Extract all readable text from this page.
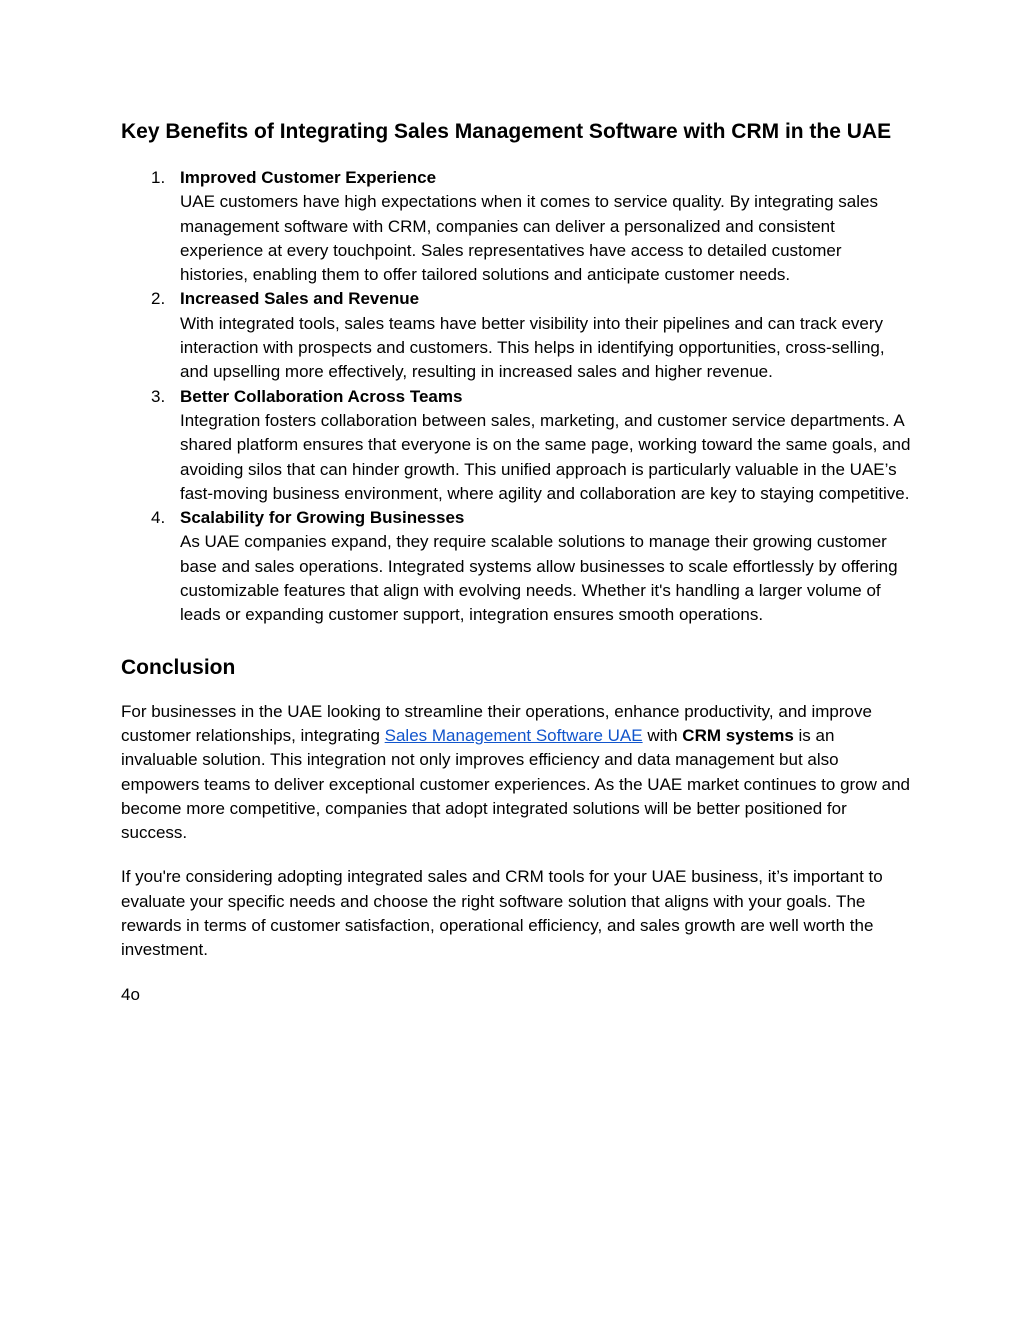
Key Benefits of Integrating Sales Management Software with CRM in the UAE
1. Improved Customer Experience
UAE customers have high expectations when it comes to service quality. By integrating sales management software with CRM, companies can deliver a personalized and consistent experience at every touchpoint. Sales representatives have access to detailed customer histories, enabling them to offer tailored solutions and anticipate customer needs.
2. Increased Sales and Revenue
With integrated tools, sales teams have better visibility into their pipelines and can track every interaction with prospects and customers. This helps in identifying opportunities, cross-selling, and upselling more effectively, resulting in increased sales and higher revenue.
3. Better Collaboration Across Teams
Integration fosters collaboration between sales, marketing, and customer service departments. A shared platform ensures that everyone is on the same page, working toward the same goals, and avoiding silos that can hinder growth. This unified approach is particularly valuable in the UAE’s fast-moving business environment, where agility and collaboration are key to staying competitive.
4. Scalability for Growing Businesses
As UAE companies expand, they require scalable solutions to manage their growing customer base and sales operations. Integrated systems allow businesses to scale effortlessly by offering customizable features that align with evolving needs. Whether it's handling a larger volume of leads or expanding customer support, integration ensures smooth operations.
Conclusion

For businesses in the UAE looking to streamline their operations, enhance productivity, and improve customer relationships, integrating Sales Management Software UAE with CRM systems is an invaluable solution. This integration not only improves efficiency and data management but also empowers teams to deliver exceptional customer experiences. As the UAE market continues to grow and become more competitive, companies that adopt integrated solutions will be better positioned for success.

If you're considering adopting integrated sales and CRM tools for your UAE business, it’s important to evaluate your specific needs and choose the right software solution that aligns with your goals. The rewards in terms of customer satisfaction, operational efficiency, and sales growth are well worth the investment.

4o
